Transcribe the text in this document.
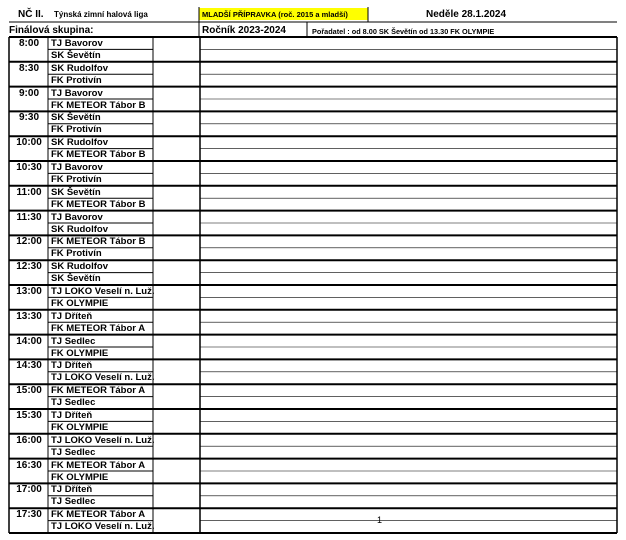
NČ II. Týnská zimní halová liga	MLADŠÍ PŘÍPRAVKA (roč. 2015 a mladší)	Neděle 28.1.2024
Finálová skupina:	Ročník 2023-2024	Pořadatel : od 8.00 SK Ševětín od 13.30 FK OLYMPIE
8:00	TJ Bavorov
SK Ševětín
8:30	SK Rudolfov
FK Protivín
9:00	TJ Bavorov
FK METEOR Tábor B
9:30	SK Ševětín
FK Protivín
10:00 SK Rudolfov
FK METEOR Tábor B
10:30 TJ Bavorov
FK Protivín
11:00 SK Ševětín
FK METEOR Tábor B
11:30 TJ Bavorov
SK Rudolfov
12:00 FK METEOR Tábor B
FK Protivín
12:30 SK Rudolfov
SK Ševětín
13:00 TJ LOKO Veselí n. Luž.
FK OLYMPIE
13:30 TJ Dříteň
FK METEOR Tábor A
14:00 TJ Sedlec
FK OLYMPIE
14:30 TJ Dříteň
TJ LOKO Veselí n. Luž.
15:00 FK METEOR Tábor A
TJ Sedlec
15:30 TJ Dříteň
FK OLYMPIE
16:00 TJ LOKO Veselí n. Luž.
TJ Sedlec
16:30 FK METEOR Tábor A
FK OLYMPIE
17:00 TJ Dříteň
TJ Sedlec
17:30 FK METEOR Tábor A
TJ LOKO Veselí n. Luž.
1
